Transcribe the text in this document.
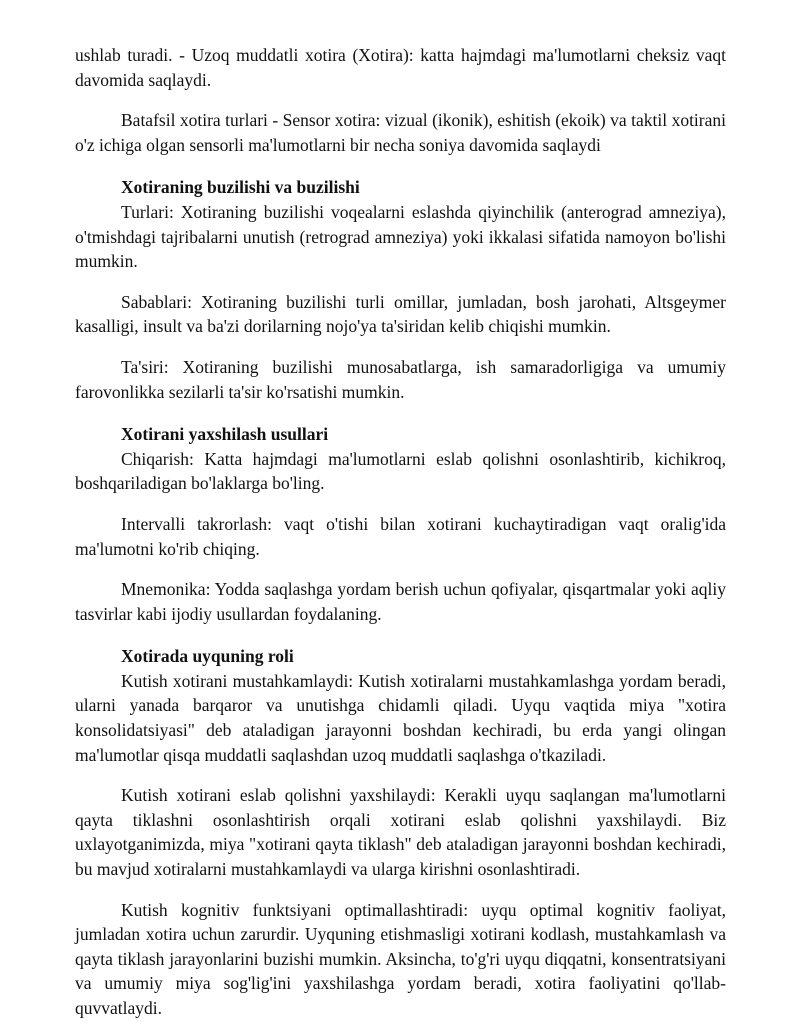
ushlab turadi. - Uzoq muddatli xotira (Xotira): katta hajmdagi ma'lumotlarni cheksiz vaqt davomida saqlaydi.

Batafsil xotira turlari - Sensor xotira: vizual (ikonik), eshitish (ekoik) va taktil xotirani o'z ichiga olgan sensorli ma'lumotlarni bir necha soniya davomida saqlaydi

Xotiraning buzilishi va buzilishi

Turlari: Xotiraning buzilishi voqealarni eslashda qiyinchilik (anterograd amneziya), o'tmishdagi tajribalarni unutish (retrograd amneziya) yoki ikkalasi sifatida namoyon bo'lishi mumkin.

Sabablari: Xotiraning buzilishi turli omillar, jumladan, bosh jarohati, Altsgeymer kasalligi, insult va ba'zi dorilarning nojo'ya ta'siridan kelib chiqishi mumkin.

Ta'siri: Xotiraning buzilishi munosabatlarga, ish samaradorligiga va umumiy farovonlikka sezilarli ta'sir ko'rsatishi mumkin.

Xotirani yaxshilash usullari

Chiqarish: Katta hajmdagi ma'lumotlarni eslab qolishni osonlashtirib, kichikroq, boshqariladigan bo'laklarga bo'ling.

Intervalli takrorlash: vaqt o'tishi bilan xotirani kuchaytiradigan vaqt oralig'ida ma'lumotni ko'rib chiqing.

Mnemonika: Yodda saqlashga yordam berish uchun qofiyalar, qisqartmalar yoki aqliy tasvirlar kabi ijodiy usullardan foydalaning.

Xotirada uyquning roli

Kutish xotirani mustahkamlaydi: Kutish xotiralarni mustahkamlashga yordam beradi, ularni yanada barqaror va unutishga chidamli qiladi. Uyqu vaqtida miya "xotira konsolidatsiyasi" deb ataladigan jarayonni boshdan kechiradi, bu erda yangi olingan ma'lumotlar qisqa muddatli saqlashdan uzoq muddatli saqlashga o'tkaziladi.

Kutish xotirani eslab qolishni yaxshilaydi: Kerakli uyqu saqlangan ma'lumotlarni qayta tiklashni osonlashtirish orqali xotirani eslab qolishni yaxshilaydi. Biz uxlayotganimizda, miya "xotirani qayta tiklash" deb ataladigan jarayonni boshdan kechiradi, bu mavjud xotiralarni mustahkamlaydi va ularga kirishni osonlashtiradi.

Kutish kognitiv funktsiyani optimallashtiradi: uyqu optimal kognitiv faoliyat, jumladan xotira uchun zarurdir. Uyquning etishmasligi xotirani kodlash, mustahkamlash va qayta tiklash jarayonlarini buzishi mumkin. Aksincha, to'g'ri uyqu diqqatni, konsentratsiyani va umumiy miya sog'lig'ini yaxshilashga yordam beradi, xotira faoliyatini qo'llab-quvvatlaydi.
